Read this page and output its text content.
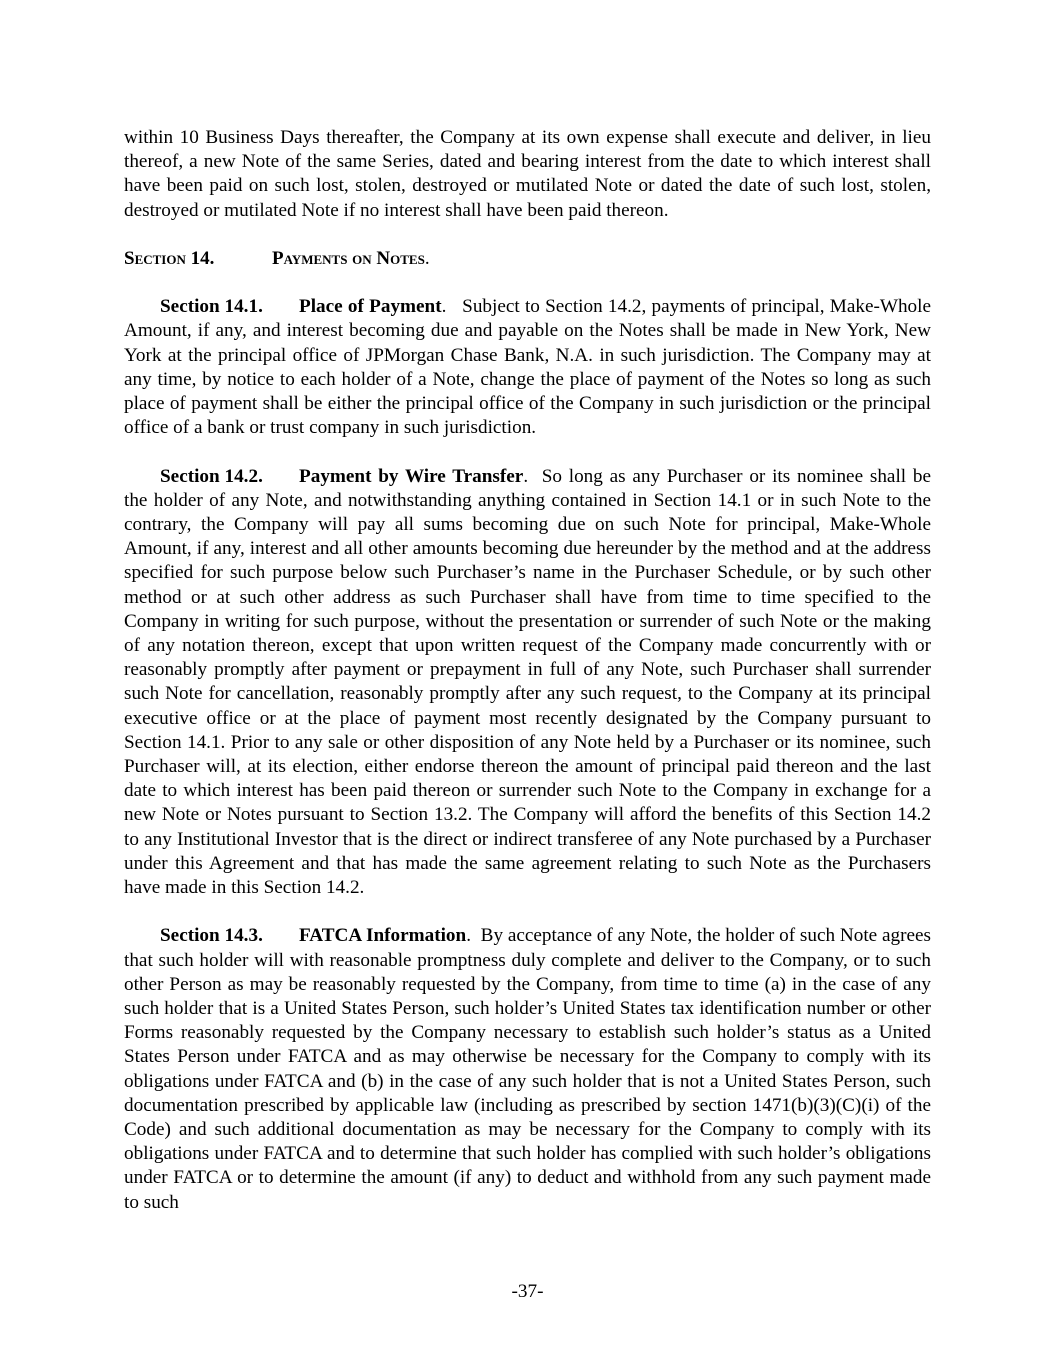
within 10 Business Days thereafter, the Company at its own expense shall execute and deliver, in lieu thereof, a new Note of the same Series, dated and bearing interest from the date to which interest shall have been paid on such lost, stolen, destroyed or mutilated Note or dated the date of such lost, stolen, destroyed or mutilated Note if no interest shall have been paid thereon.

Section 14.	Payments on Notes.

Section 14.1. Place of Payment.   Subject to Section 14.2, payments of principal, Make-Whole Amount, if any, and interest becoming due and payable on the Notes shall be made in New York, New York at the principal office of JPMorgan Chase Bank, N.A. in such jurisdiction. The Company may at any time, by notice to each holder of a Note, change the place of payment of the Notes so long as such place of payment shall be either the principal office of the Company in such jurisdiction or the principal office of a bank or trust company in such jurisdiction.

Section 14.2. Payment by Wire Transfer.  So long as any Purchaser or its nominee shall be the holder of any Note, and notwithstanding anything contained in Section 14.1 or in such Note to the contrary, the Company will pay all sums becoming due on such Note for principal, Make-Whole Amount, if any, interest and all other amounts becoming due hereunder by the method and at the address specified for such purpose below such Purchaser’s name in the Purchaser Schedule, or by such other method or at such other address as such Purchaser shall have from time to time specified to the Company in writing for such purpose, without the presentation or surrender of such Note or the making of any notation thereon, except that upon written request of the Company made concurrently with or reasonably promptly after payment or prepayment in full of any Note, such Purchaser shall surrender such Note for cancellation, reasonably promptly after any such request, to the Company at its principal executive office or at the place of payment most recently designated by the Company pursuant to Section 14.1. Prior to any sale or other disposition of any Note held by a Purchaser or its nominee, such Purchaser will, at its election, either endorse thereon the amount of principal paid thereon and the last date to which interest has been paid thereon or surrender such Note to the Company in exchange for a new Note or Notes pursuant to Section 13.2. The Company will afford the benefits of this Section 14.2 to any Institutional Investor that is the direct or indirect transferee of any Note purchased by a Purchaser under this Agreement and that has made the same agreement relating to such Note as the Purchasers have made in this Section 14.2.

Section 14.3. FATCA Information.  By acceptance of any Note, the holder of such Note agrees that such holder will with reasonable promptness duly complete and deliver to the Company, or to such other Person as may be reasonably requested by the Company, from time to time (a) in the case of any such holder that is a United States Person, such holder’s United States tax identification number or other Forms reasonably requested by the Company necessary to establish such holder’s status as a United States Person under FATCA and as may otherwise be necessary for the Company to comply with its obligations under FATCA and (b) in the case of any such holder that is not a United States Person, such documentation prescribed by applicable law (including as prescribed by section 1471(b)(3)(C)(i) of the Code) and such additional documentation as may be necessary for the Company to comply with its obligations under FATCA and to determine that such holder has complied with such holder’s obligations under FATCA or to determine the amount (if any) to deduct and withhold from any such payment made to such

-37-
